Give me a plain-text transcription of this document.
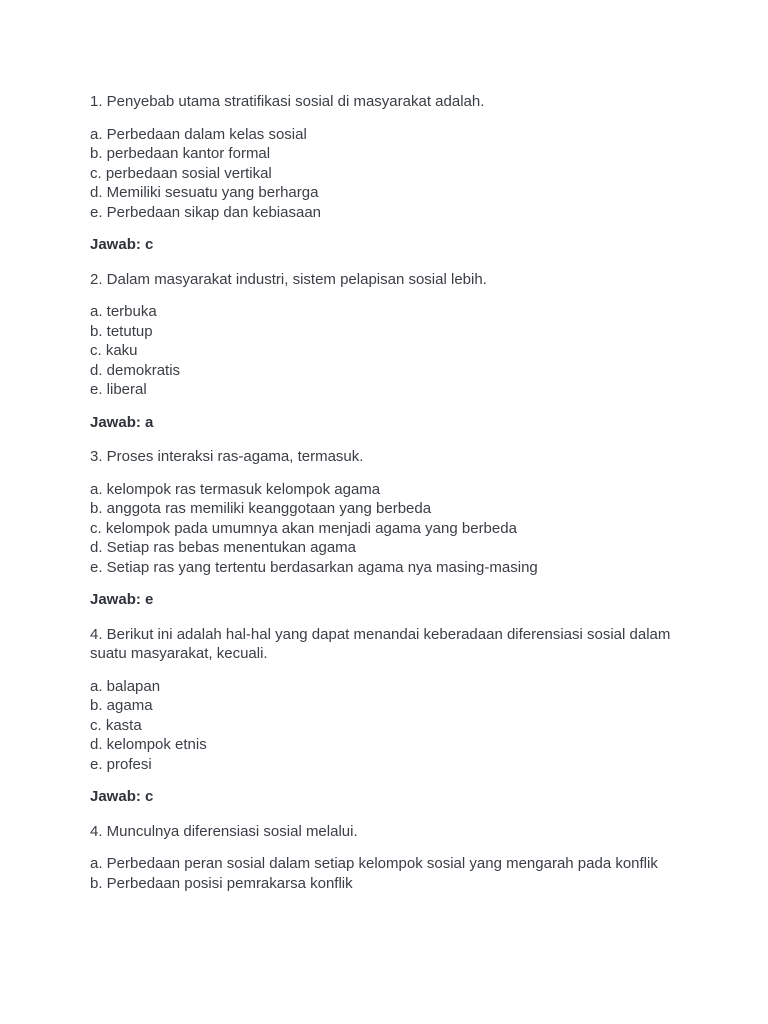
1. Penyebab utama stratifikasi sosial di masyarakat adalah.

a. Perbedaan dalam kelas sosial
b. perbedaan kantor formal
c. perbedaan sosial vertikal
d. Memiliki sesuatu yang berharga
e. Perbedaan sikap dan kebiasaan

Jawab: c

2. Dalam masyarakat industri, sistem pelapisan sosial lebih.

a. terbuka
b. tetutup
c. kaku
d. demokratis
e. liberal

Jawab: a

3. Proses interaksi ras-agama, termasuk.

a. kelompok ras termasuk kelompok agama
b. anggota ras memiliki keanggotaan yang berbeda
c. kelompok pada umumnya akan menjadi agama yang berbeda
d. Setiap ras bebas menentukan agama
e. Setiap ras yang tertentu berdasarkan agama nya masing-masing

Jawab: e

4. Berikut ini adalah hal-hal yang dapat menandai keberadaan diferensiasi sosial dalam suatu masyarakat, kecuali.

a. balapan
b. agama
c. kasta
d. kelompok etnis
e. profesi

Jawab: c

4. Munculnya diferensiasi sosial melalui.

a. Perbedaan peran sosial dalam setiap kelompok sosial yang mengarah pada konflik
b. Perbedaan posisi pemrakarsa konflik
